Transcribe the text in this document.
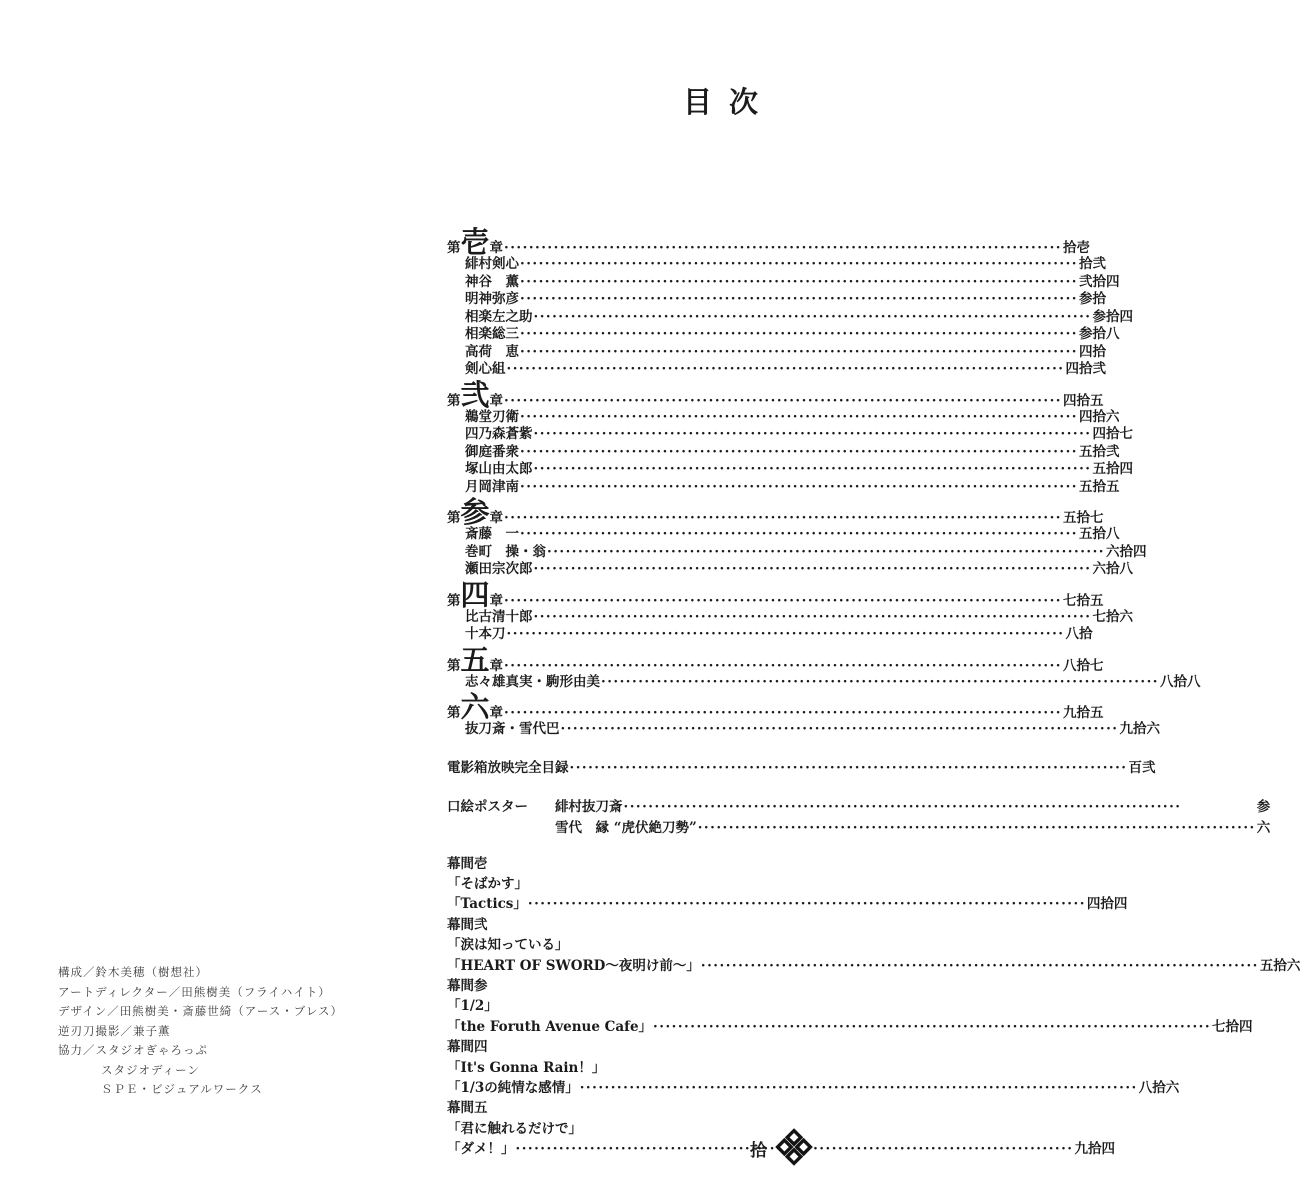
目次
第 壱 章 ·····	拾壱
緋村剣心 ·····	拾弐
神谷　薫 ·····	弐拾四
明神弥彦 ·····	参拾
相楽左之助 ·····	参拾四
相楽総三 ·····	参拾八
高荷　恵 ·····	四拾
剣心組 ·····	四拾弐
第 弐 章 ·····	四拾五
鵜堂刃衛 ·····	四拾六
四乃森蒼紫 ·····	四拾七
御庭番衆 ·····	五拾弐
塚山由太郎 ·····	五拾四
月岡津南 ·····	五拾五
第 参 章 ·····	五拾七
斎藤　一 ·····	五拾八
巻町　操・翁 ·····	六拾四
瀬田宗次郎 ·····	六拾八
第 四 章 ·····	七拾五
比古清十郎 ·····	七拾六
十本刀 ·····	八拾
第 五 章 ·····	八拾七
志々雄真実・駒形由美 ·····	八拾八
第 六 章 ·····	九拾五
抜刀斎・雪代巴 ·····	九拾六
電影箱放映完全目録 ·····	百弐
口絵ポスター	緋村抜刀斎 ·····	参
雪代　縁 “虎伏絶刀勢” ·····	六
幕間壱
「そばかす」
「Tactics」 ·····	四拾四
幕間弐
「涙は知っている」
「HEART OF SWORD～夜明け前～」 ·····	五拾六
幕間参
「1/2」
「the Foruth Avenue Cafe」 ·····	七拾四
幕間四
「It's Gonna Rain！」
「1/3の純情な感情」 ·····	八拾六
幕間五
「君に触れるだけで」
「ダメ！」 ·····	九拾四
構成／鈴木美穂（樹想社）
アートディレクター／田熊樹美（フライハイト）
デザイン／田熊樹美・斎藤世綺（アース・ブレス）
逆刃刀撮影／兼子薫
協力／スタジオぎゃろっぷ
スタジオディーン
ＳＰＥ・ビジュアルワークス
拾
